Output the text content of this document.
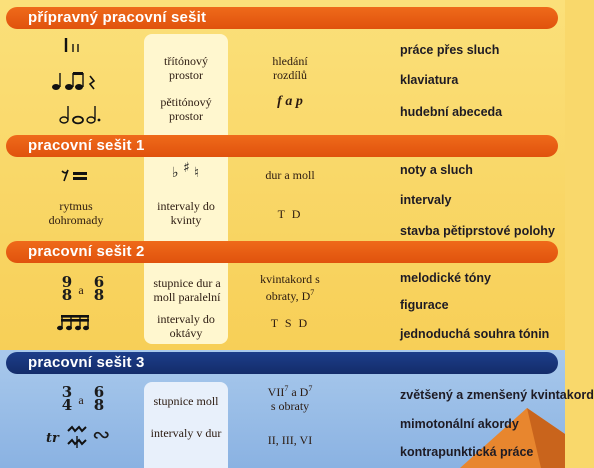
přípravný pracovní sešit
pracovní sešit 1
pracovní sešit 2
pracovní sešit 3
třítónový prostor
pětitónový prostor
hledání rozdílů
f a p
práce přes sluch
klaviatura
hudební abeceda
♭ ♯ ♮
rytmus dohromady
intervaly do kvinty
dur a moll
T D
noty a sluch
intervaly
stavba pětiprstové polohy
9
8 a 6
8
stupnice dur a moll paralelní
intervaly do oktávy
kvintakord s obraty, $D^7$
T S D
melodické tóny
figurace
jednoduchá souhra tónin
3
4 a 6
8
tr ∾
stupnice moll
intervaly v dur
VII$^7$ a $D^7$
s obraty
II, III, VI
zvětšený a zmenšený kvintakord
mimotonální akordy
kontrapunktická práce
